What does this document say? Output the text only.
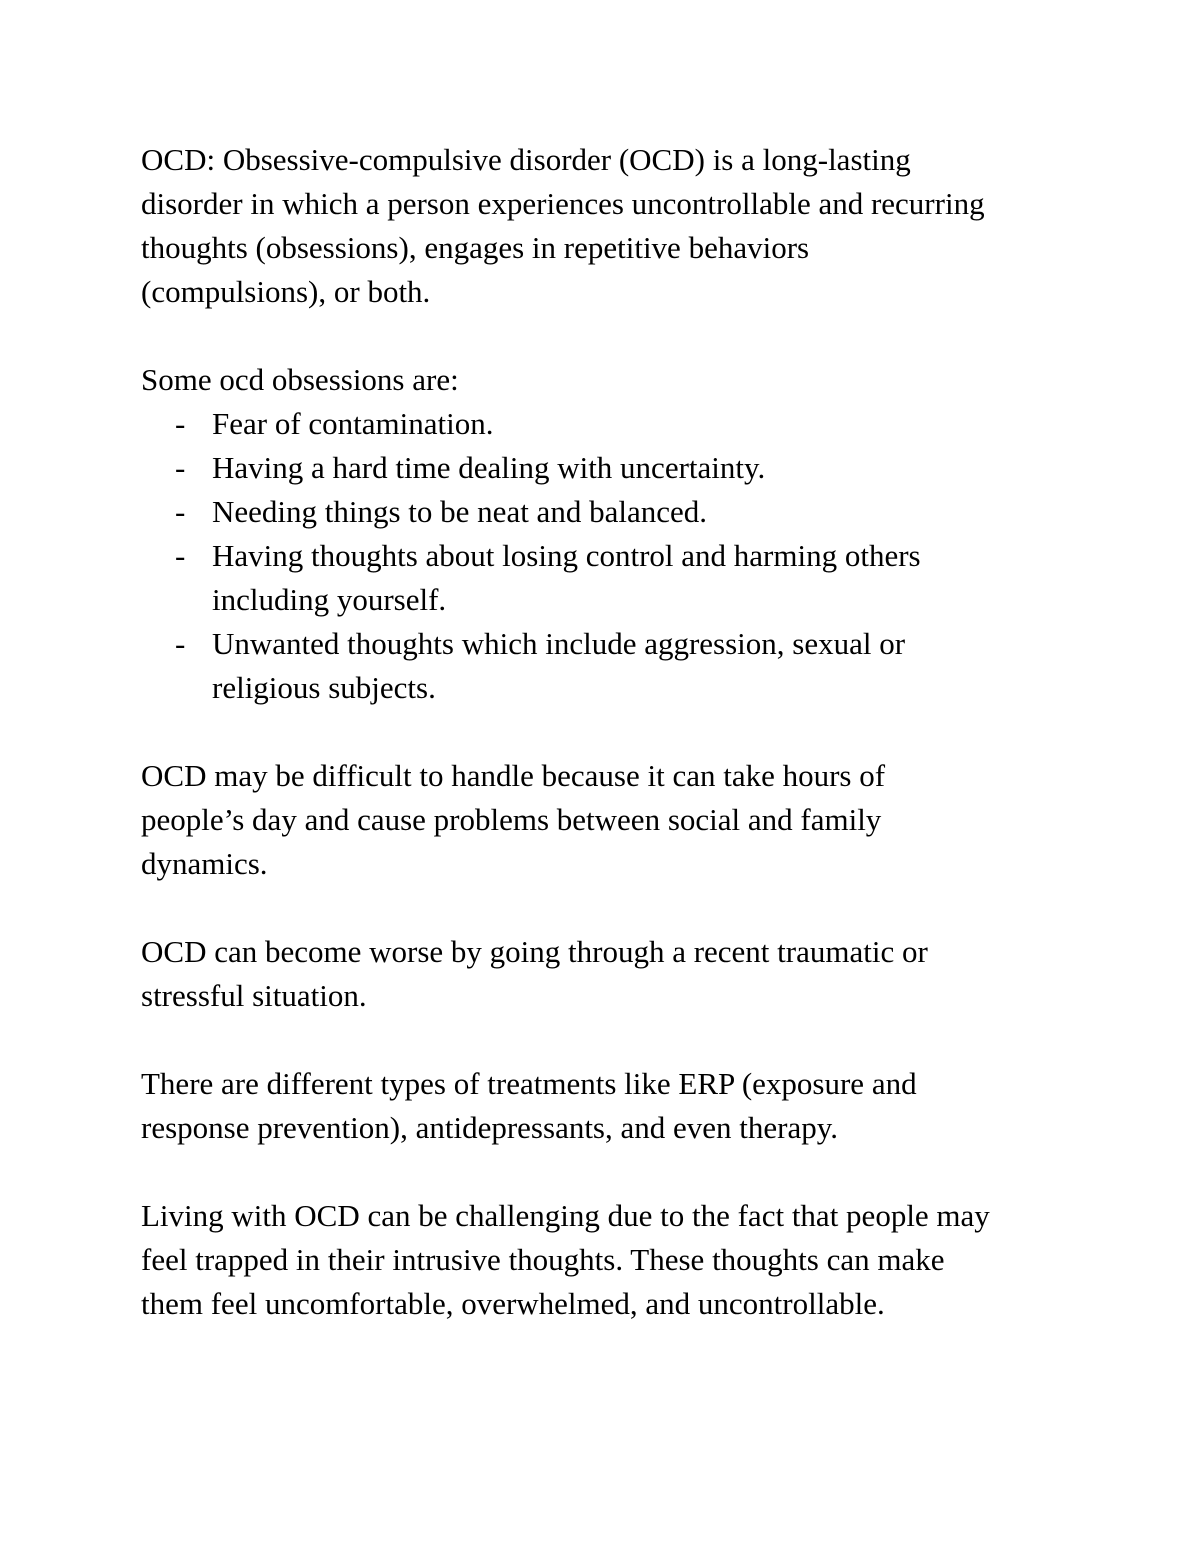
OCD: Obsessive-compulsive disorder (OCD) is a long-lasting
disorder in which a person experiences uncontrollable and recurring
thoughts (obsessions), engages in repetitive behaviors
(compulsions), or both.
Some ocd obsessions are:
- Fear of contamination.
- Having a hard time dealing with uncertainty.
- Needing things to be neat and balanced.
- Having thoughts about losing control and harming others
including yourself.
- Unwanted thoughts which include aggression, sexual or
religious subjects.
OCD may be difficult to handle because it can take hours of
people’s day and cause problems between social and family
dynamics.
OCD can become worse by going through a recent traumatic or
stressful situation.
There are different types of treatments like ERP (exposure and
response prevention), antidepressants, and even therapy.
Living with OCD can be challenging due to the fact that people may
feel trapped in their intrusive thoughts. These thoughts can make
them feel uncomfortable, overwhelmed, and uncontrollable.
